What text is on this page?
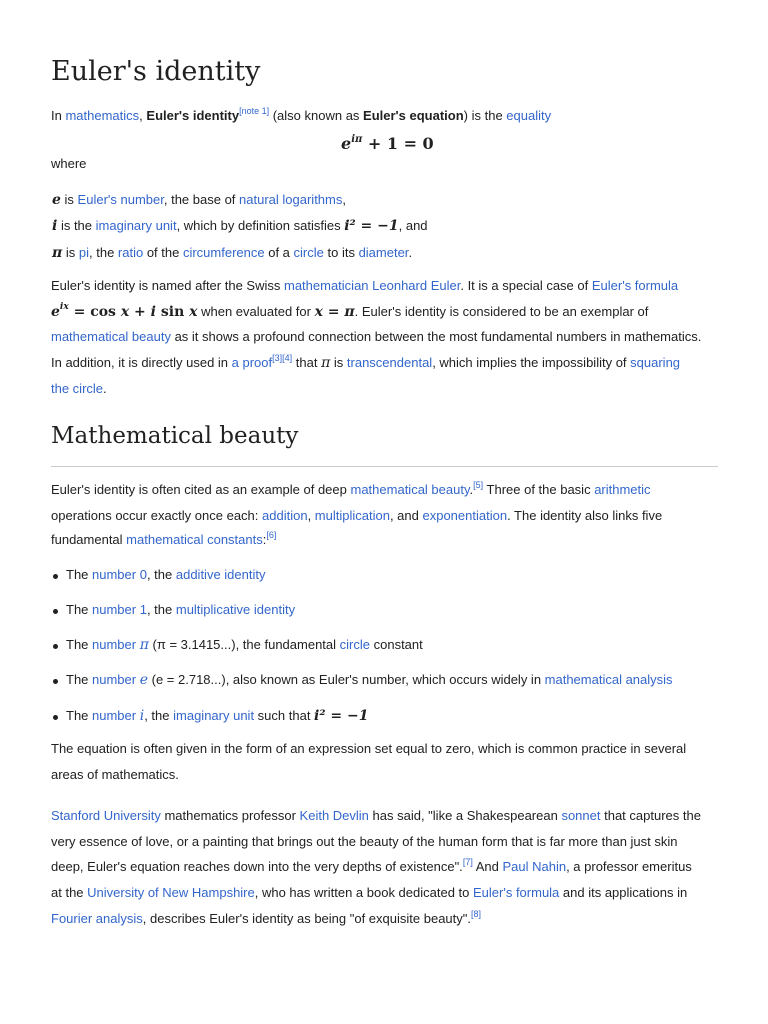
Euler's identity
In mathematics, Euler's identity[note 1] (also known as Euler's equation) is the equality
$e^{i\pi} + 1 = 0$
where
e is Euler's number, the base of natural logarithms,
i is the imaginary unit, which by definition satisfies i² = −1, and
π is pi, the ratio of the circumference of a circle to its diameter.
Euler's identity is named after the Swiss mathematician Leonhard Euler. It is a special case of Euler's formula
$e^{ix} = \cos x + i$ sin x when evaluated for x = π. Euler's identity is considered to be an exemplar of
mathematical beauty as it shows a profound connection between the most fundamental numbers in mathematics.
In addition, it is directly used in a proof[3][4] that π is transcendental, which implies the impossibility of squaring
the circle.
Mathematical beauty
Euler's identity is often cited as an example of deep mathematical beauty.[5] Three of the basic arithmetic
operations occur exactly once each: addition, multiplication, and exponentiation. The identity also links five
fundamental mathematical constants:[6]
The number 0, the additive identity
The number 1, the multiplicative identity
The number π (π = 3.1415...), the fundamental circle constant
The number e (e = 2.718...), also known as Euler's number, which occurs widely in mathematical analysis
The number i, the imaginary unit such that i² = −1
The equation is often given in the form of an expression set equal to zero, which is common practice in several
areas of mathematics.
Stanford University mathematics professor Keith Devlin has said, "like a Shakespearean sonnet that captures the
very essence of love, or a painting that brings out the beauty of the human form that is far more than just skin
deep, Euler's equation reaches down into the very depths of existence".[7] And Paul Nahin, a professor emeritus
at the University of New Hampshire, who has written a book dedicated to Euler's formula and its applications in
Fourier analysis, describes Euler's identity as being "of exquisite beauty".[8]
